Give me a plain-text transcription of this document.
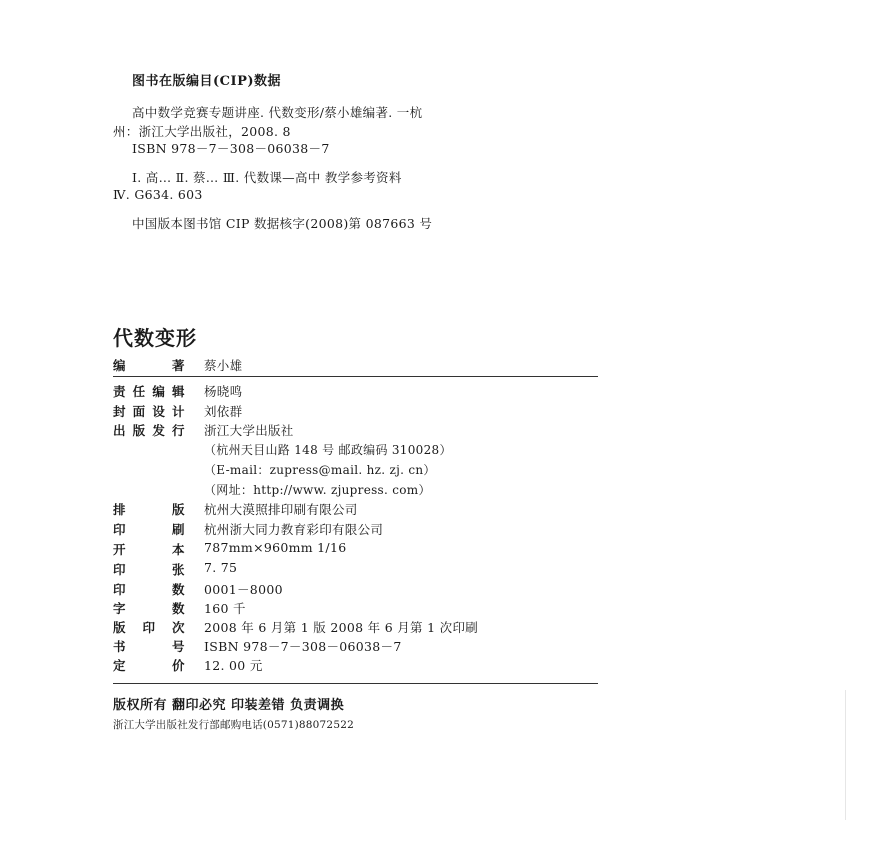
图书在版编目(CIP)数据
高中数学竞赛专题讲座. 代数变形/蔡小雄编著. 一杭
州：浙江大学出版社，2008. 8
ISBN 978－7－308－06038－7
Ⅰ. 高… Ⅱ. 蔡… Ⅲ. 代数课—高中 教学参考资料
Ⅳ. G634. 603
中国版本图书馆 CIP 数据核字(2008)第 087663 号
代数变形
编著 蔡小雄
责任编辑 杨晓鸣
封面设计 刘依群
出版发行 浙江大学出版社
（杭州天目山路 148 号 邮政编码 310028）
（E-mail：zupress@mail. hz. zj. cn）
（网址：http://www. zjupress. com）
排版 杭州大漠照排印刷有限公司
印刷 杭州浙大同力教育彩印有限公司
开本 787mm×960mm 1/16
印张 7. 75
印数 0001－8000
字数 160 千
版印次 2008 年 6 月第 1 版 2008 年 6 月第 1 次印刷
书号 ISBN 978－7－308－06038－7
定价 12. 00 元
版权所有 翻印必究 印装差错 负责调换
浙江大学出版社发行部邮购电话(0571)88072522
